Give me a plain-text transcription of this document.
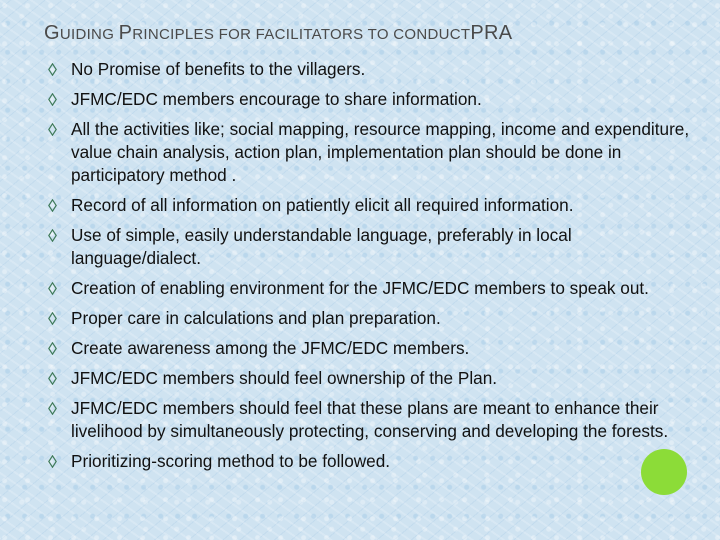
GUIDING PRINCIPLES FOR FACILITATORS TO CONDUCTPRA
No Promise of benefits to the villagers.
JFMC/EDC members encourage to share information.
All the activities like; social mapping, resource mapping, income and expenditure, value chain analysis, action plan, implementation plan should be done in participatory method .
Record of all information on patiently elicit all required information.
Use of simple, easily understandable language, preferably in local language/dialect.
Creation of enabling environment for the JFMC/EDC members to speak out.
Proper care in calculations and plan preparation.
Create awareness among the JFMC/EDC members.
JFMC/EDC members should feel ownership of the Plan.
JFMC/EDC members should feel that these plans are meant to enhance their livelihood by simultaneously protecting, conserving and developing the forests.
Prioritizing-scoring method to be followed.
